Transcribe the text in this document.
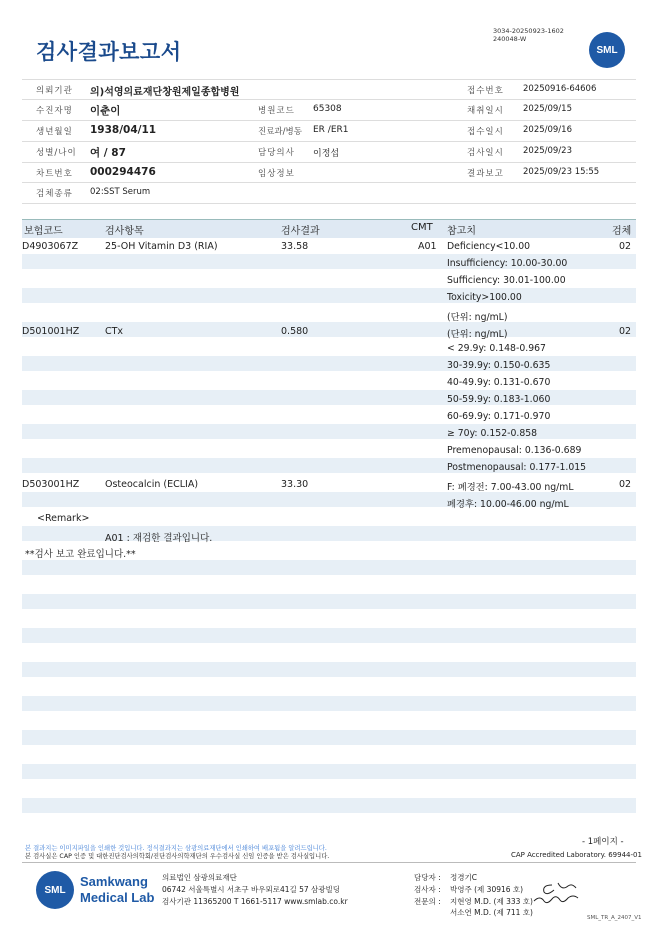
검사결과보고서
3034-20250923-1602
240048-W
SML
의뢰기관 의)석영의료재단창원제일종합병원
수진자명 이춘이
생년월일 1938/04/11
성별/나이 여 / 87
차트번호 000294476
검체종류 02:SST Serum
병원코드 65308
진료과/병동 ER /ER1
담당의사 이정섭
임상정보
접수번호 20250916-64606
채취일시 2025/09/15
접수일시 2025/09/16
검사일시 2025/09/23
결과보고 2025/09/23 15:55
보험코드	검사항목	검사결과	CMT 참고치	검체
D4903067Z	25-OH Vitamin D3 (RIA)	33.58	A01 Deficiency<10.00
Insufficiency: 10.00-30.00
Sufficiency: 30.01-100.00
Toxicity>100.00
(단위: ng/mL)
02
D501001HZ	CTx	0.580	(단위: ng/mL)
< 29.9y: 0.148-0.967
30-39.9y: 0.150-0.635
40-49.9y: 0.131-0.670
50-59.9y: 0.183-1.060
60-69.9y: 0.171-0.970
≥ 70y: 0.152-0.858
Premenopausal: 0.136-0.689
Postmenopausal: 0.177-1.015
02
D503001HZ	Osteocalcin (ECLIA)	33.30	F: 폐경전: 7.00-43.00 ng/mL
폐경후: 10.00-46.00 ng/mL
02
<Remark>
A01 : 재검한 결과입니다.
**검사 보고 완료입니다.**
본 결과지는 이미지파일을 인쇄한 것입니다. 정식결과지는 삼광의료재단에서 인쇄하여 배포됨을 알려드립니다.
본 검사실은 CAP 인증 및 대한진단검사의학회/진단검사의학재단의 우수검사실 신임 인증을 받은 검사실입니다.
- 1페이지 -
CAP Accredited Laboratory. 69944-01
SML
Samkwang
Medical Lab
의료법인 삼광의료재단
06742 서울특별시 서초구 바우뫼로41길 57 삼광빌딩
검사기관 11365200 T 1661-5117 www.smlab.co.kr
담당자 : 정경기C
검사자 : 박영주 (제 30916 호)
전문의 : 지현영 M.D. (제 333 호)
서소연 M.D. (제 711 호)
SML_TR_A_2407_V1
